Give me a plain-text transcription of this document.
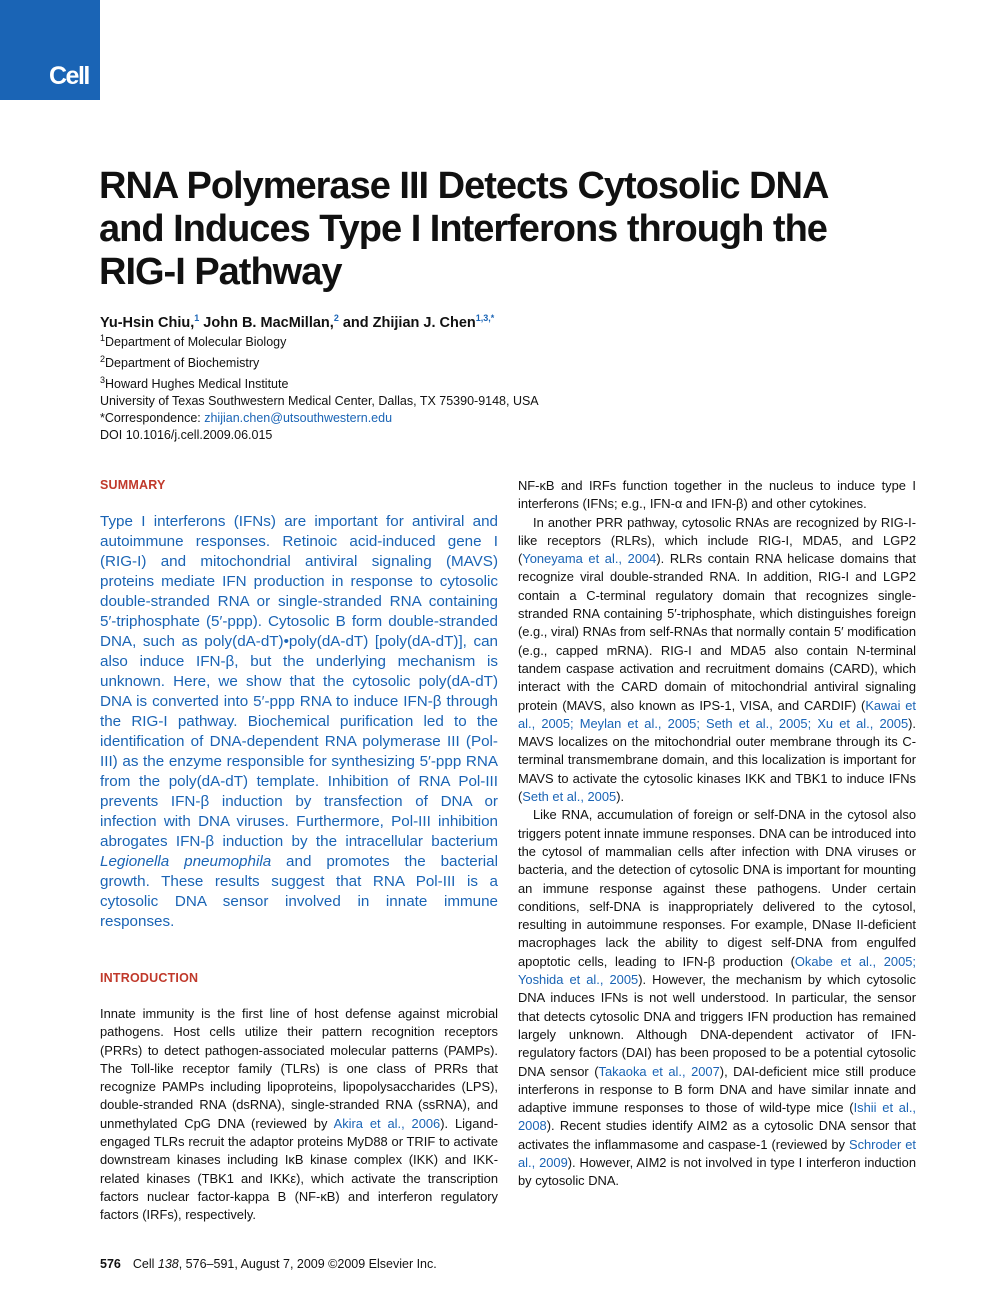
Cell
RNA Polymerase III Detects Cytosolic DNA and Induces Type I Interferons through the RIG-I Pathway
Yu-Hsin Chiu,$^1$ John B. MacMillan,$^2$ and Zhijian J. Chen$^{1,3,*}$
$^1$Department of Molecular Biology
$^2$Department of Biochemistry
$^3$Howard Hughes Medical Institute
University of Texas Southwestern Medical Center, Dallas, TX 75390-9148, USA
*Correspondence: zhijian.chen@utsouthwestern.edu
DOI 10.1016/j.cell.2009.06.015
SUMMARY

Type I interferons (IFNs) are important for antiviral and autoimmune responses. Retinoic acid-induced gene I (RIG-I) and mitochondrial antiviral signaling (MAVS) proteins mediate IFN production in response to cytosolic double-stranded RNA or single-stranded RNA containing 5′-triphosphate (5′-ppp). Cytosolic B form double-stranded DNA, such as poly(dA-dT)•poly(dA-dT) [poly(dA-dT)], can also induce IFN-β, but the underlying mechanism is unknown. Here, we show that the cytosolic poly(dA-dT) DNA is converted into 5′-ppp RNA to induce IFN-β through the RIG-I pathway. Biochemical purification led to the identification of DNA-dependent RNA polymerase III (Pol-III) as the enzyme responsible for synthesizing 5′-ppp RNA from the poly(dA-dT) template. Inhibition of RNA Pol-III prevents IFN-β induction by transfection of DNA or infection with DNA viruses. Furthermore, Pol-III inhibition abrogates IFN-β induction by the intracellular bacterium Legionella pneumophila and promotes the bacterial growth. These results suggest that RNA Pol-III is a cytosolic DNA sensor involved in innate immune responses.

INTRODUCTION

Innate immunity is the first line of host defense against microbial pathogens. Host cells utilize their pattern recognition receptors (PRRs) to detect pathogen-associated molecular patterns (PAMPs). The Toll-like receptor family (TLRs) is one class of PRRs that recognize PAMPs including lipoproteins, lipopolysaccharides (LPS), double-stranded RNA (dsRNA), single-stranded RNA (ssRNA), and unmethylated CpG DNA (reviewed by Akira et al., 2006). Ligand-engaged TLRs recruit the adaptor proteins MyD88 or TRIF to activate downstream kinases including IκB kinase complex (IKK) and IKK-related kinases (TBK1 and IKKε), which activate the transcription factors nuclear factor-kappa B (NF-κB) and interferon regulatory factors (IRFs), respectively.

NF-κB and IRFs function together in the nucleus to induce type I interferons (IFNs; e.g., IFN-α and IFN-β) and other cytokines.

In another PRR pathway, cytosolic RNAs are recognized by RIG-I-like receptors (RLRs), which include RIG-I, MDA5, and LGP2 (Yoneyama et al., 2004). RLRs contain RNA helicase domains that recognize viral double-stranded RNA. In addition, RIG-I and LGP2 contain a C-terminal regulatory domain that recognizes single-stranded RNA containing 5′-triphosphate, which distinguishes foreign (e.g., viral) RNAs from self-RNAs that normally contain 5′ modification (e.g., capped mRNA). RIG-I and MDA5 also contain N-terminal tandem caspase activation and recruitment domains (CARD), which interact with the CARD domain of mitochondrial antiviral signaling protein (MAVS, also known as IPS-1, VISA, and CARDIF) (Kawai et al., 2005; Meylan et al., 2005; Seth et al., 2005; Xu et al., 2005). MAVS localizes on the mitochondrial outer membrane through its C-terminal transmembrane domain, and this localization is important for MAVS to activate the cytosolic kinases IKK and TBK1 to induce IFNs (Seth et al., 2005).

Like RNA, accumulation of foreign or self-DNA in the cytosol also triggers potent innate immune responses. DNA can be introduced into the cytosol of mammalian cells after infection with DNA viruses or bacteria, and the detection of cytosolic DNA is important for mounting an immune response against these pathogens. Under certain conditions, self-DNA is inappropriately delivered to the cytosol, resulting in autoimmune responses. For example, DNase II-deficient macrophages lack the ability to digest self-DNA from engulfed apoptotic cells, leading to IFN-β production (Okabe et al., 2005; Yoshida et al., 2005). However, the mechanism by which cytosolic DNA induces IFNs is not well understood. In particular, the sensor that detects cytosolic DNA and triggers IFN production has remained largely unknown. Although DNA-dependent activator of IFN-regulatory factors (DAI) has been proposed to be a potential cytosolic DNA sensor (Takaoka et al., 2007), DAI-deficient mice still produce interferons in response to B form DNA and have similar innate and adaptive immune responses to those of wild-type mice (Ishii et al., 2008). Recent studies identify AIM2 as a cytosolic DNA sensor that activates the inflammasome and caspase-1 (reviewed by Schroder et al., 2009). However, AIM2 is not involved in type I interferon induction by cytosolic DNA.

576 Cell 138, 576–591, August 7, 2009 ©2009 Elsevier Inc.
